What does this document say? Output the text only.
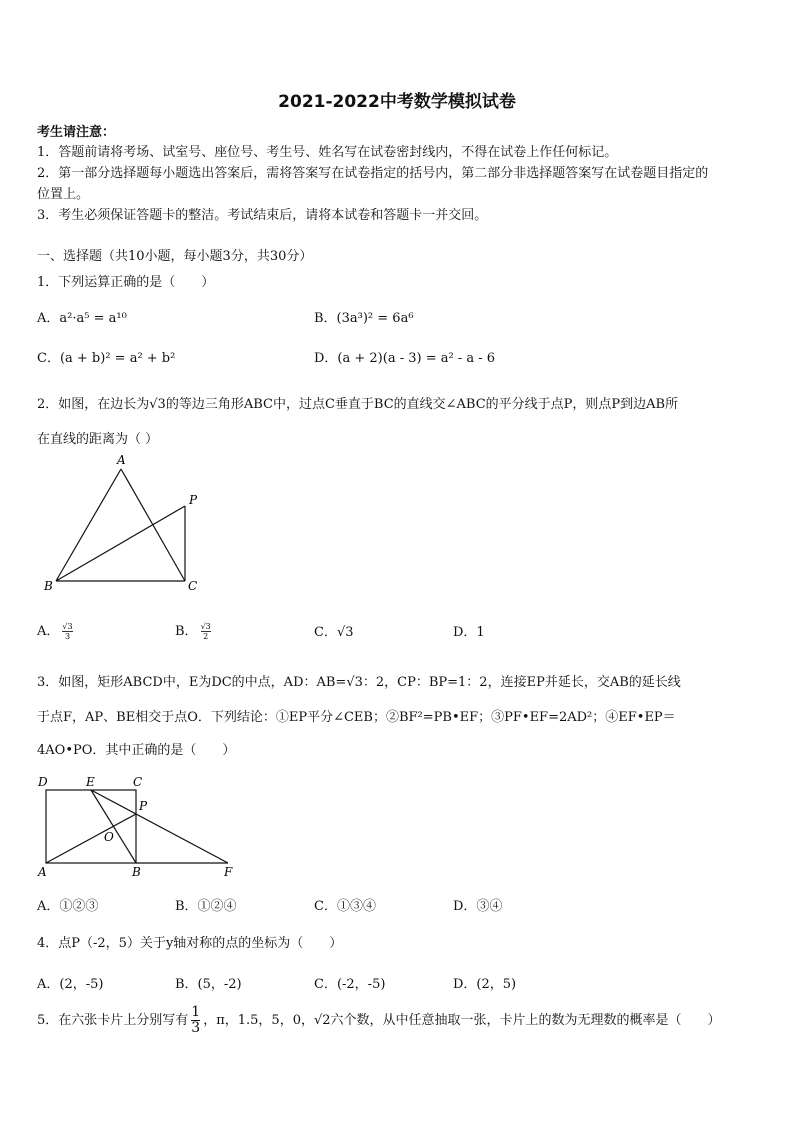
2021-2022中考数学模拟试卷
考生请注意：
1．答题前请将考场、试室号、座位号、考生号、姓名写在试卷密封线内，不得在试卷上作任何标记。
2．第一部分选择题每小题选出答案后，需将答案写在试卷指定的括号内，第二部分非选择题答案写在试卷题目指定的
位置上。
3．考生必须保证答题卡的整洁。考试结束后，请将本试卷和答题卡一并交回。
一、选择题（共10小题，每小题3分，共30分）
1．下列运算正确的是（　　）
A．a²·a⁵ = a¹⁰	B．(3a³)² = 6a⁶
C．(a + b)² = a² + b²	D．(a + 2)(a - 3) = a² - a - 6
2．如图，在边长为√3的等边三角形ABC中，过点C垂直于BC的直线交∠ABC的平分线于点P，则点P到边AB所
在直线的距离为（ ）
A
B	C
P
A． $\frac{√3}{3}$	B． $\frac{√3}{2}$	C．√3	D．1
3．如图，矩形ABCD中，E为DC的中点，AD：AB=√3：2，CP：BP=1：2，连接EP并延长，交AB的延长线
于点F，AP、BE相交于点O．下列结论：①EP平分∠CEB；②BF²=PB•EF；③PF•EF=2AD²；④EF•EP＝
4AO•PO．其中正确的是（　　）
D	E	C
P
O
A	B	F
A．①②③	B．①②④	C．①③④	D．③④
4．点P（-2，5）关于y轴对称的点的坐标为（　　）
A．(2，-5)	B．(5，-2)	C．(-2，-5)	D．(2，5)
5．在六张卡片上分别写有 $\frac{1}{3}$ ，π，1.5，5，0，√2六个数，从中任意抽取一张，卡片上的数为无理数的概率是（　　）
